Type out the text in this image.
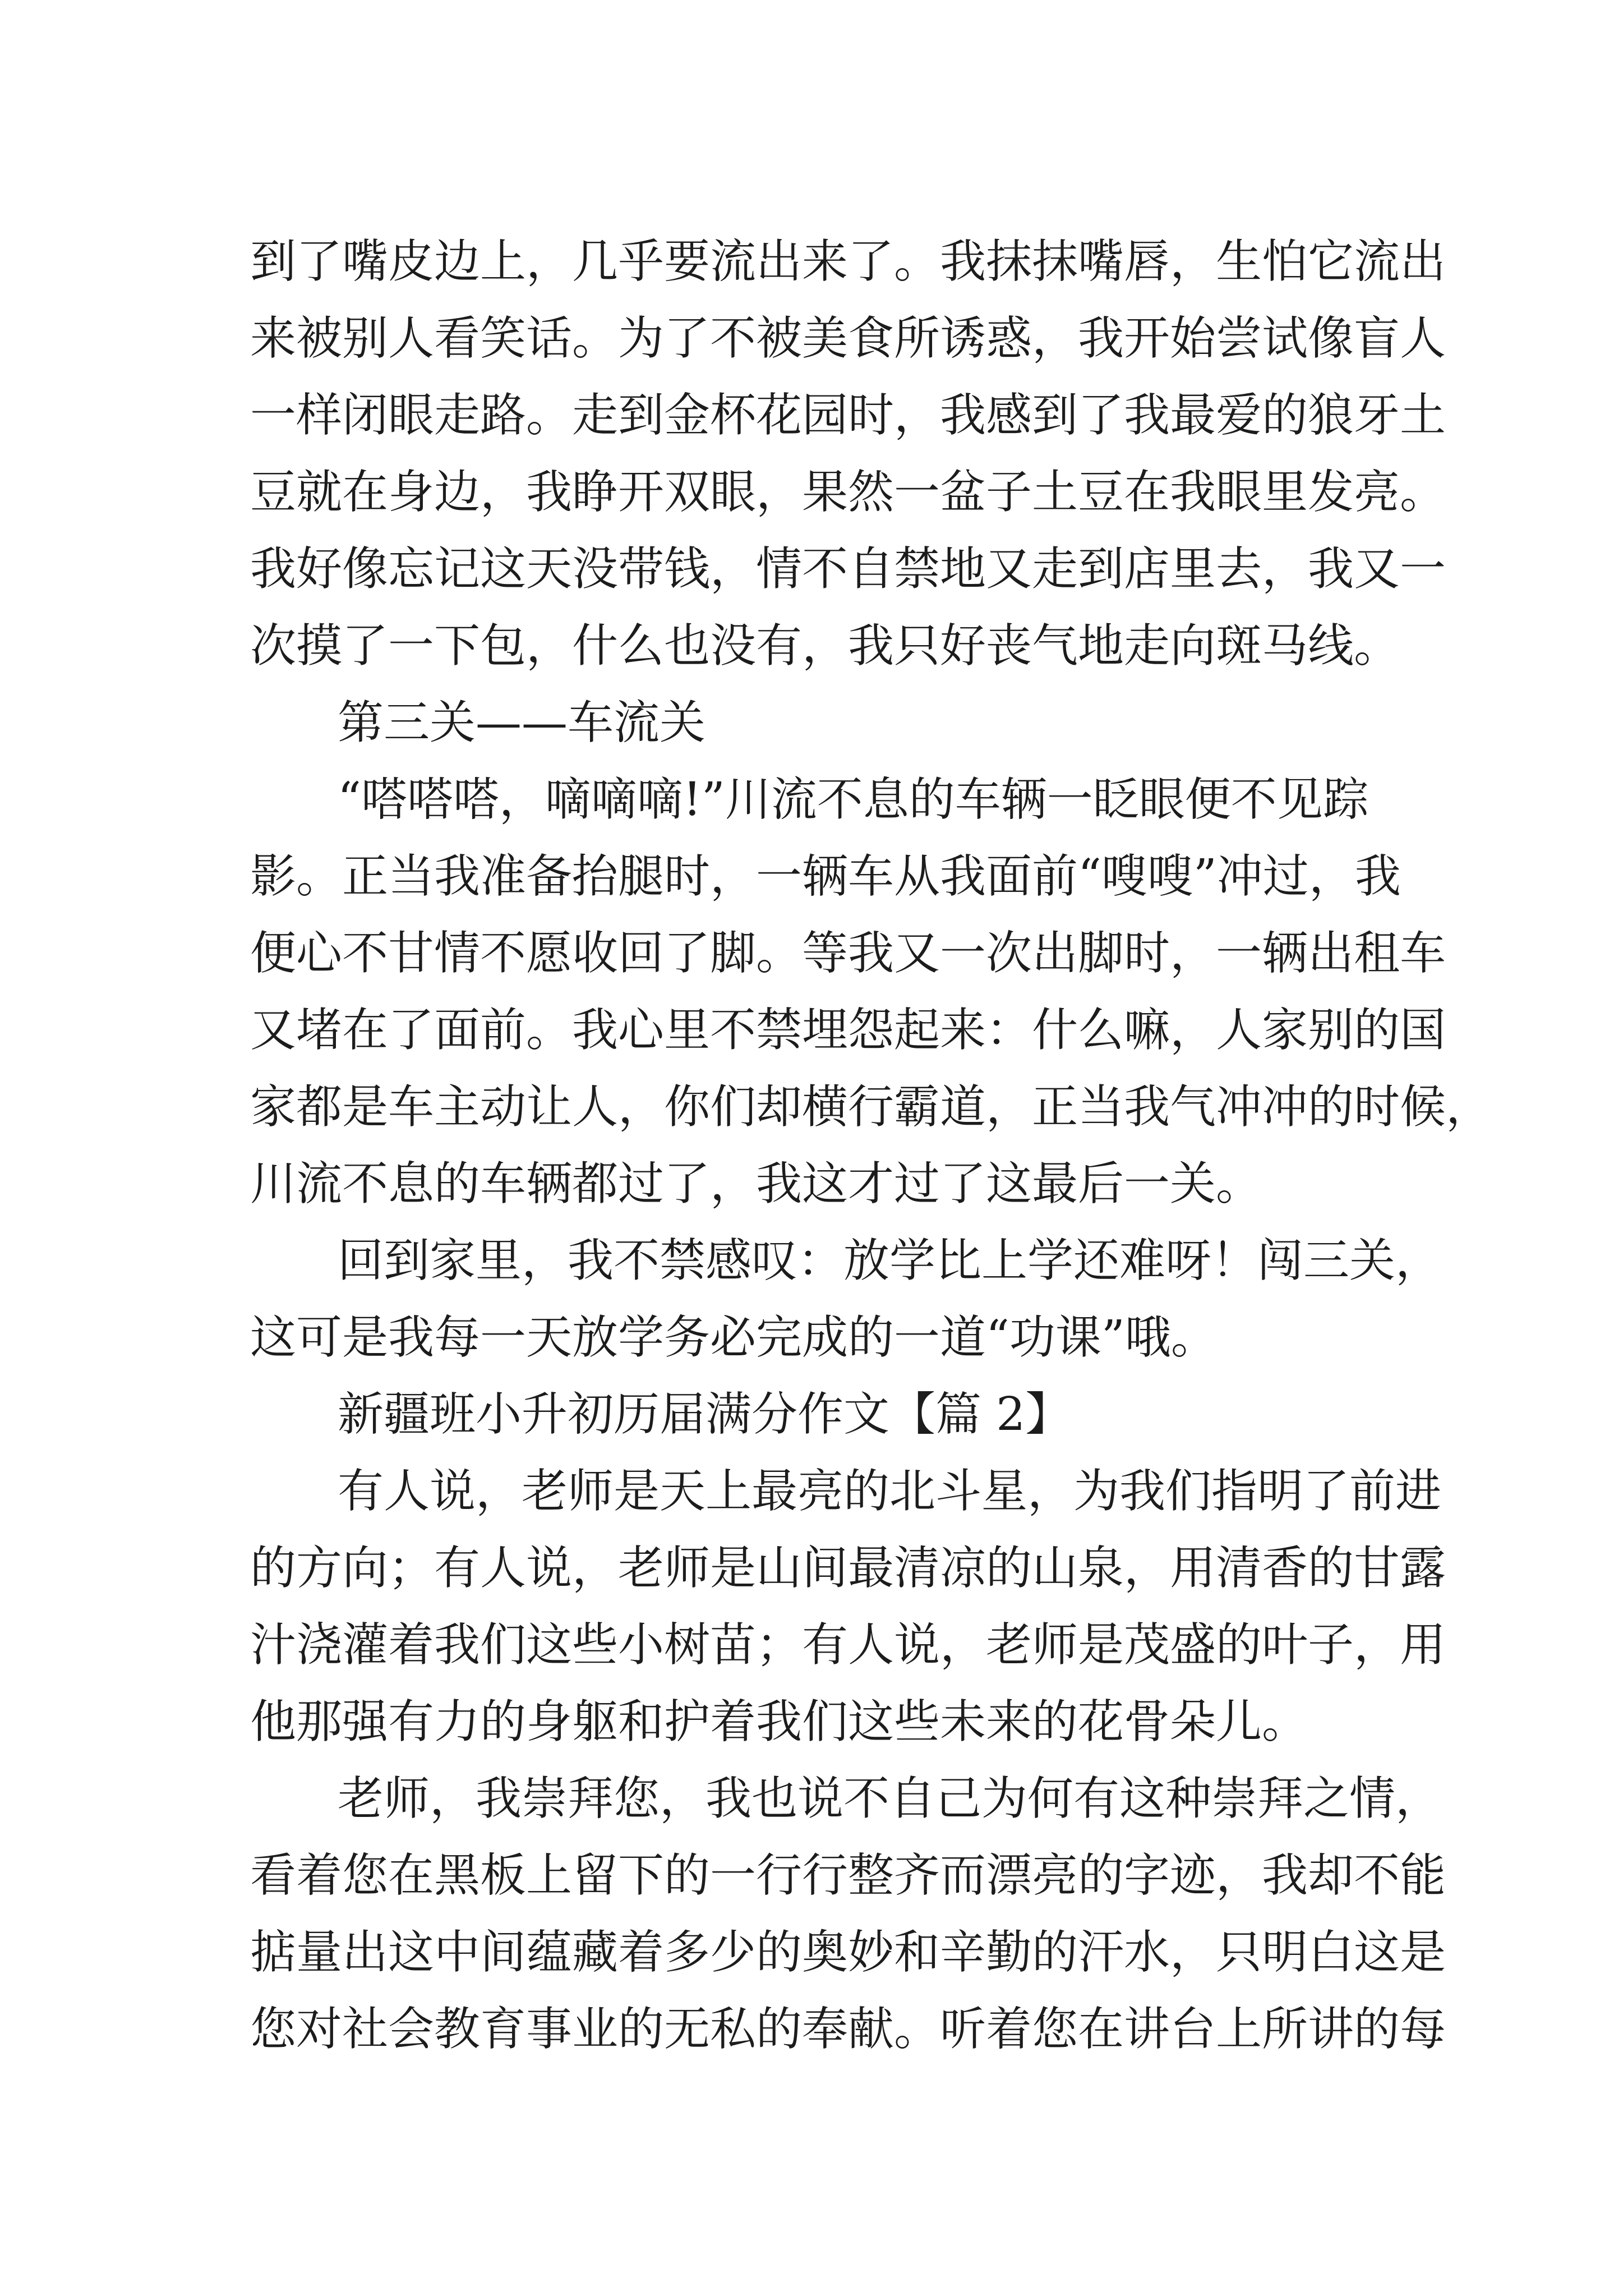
到了嘴皮边上，几乎要流出来了。我抹抹嘴唇，生怕它流出
来被别人看笑话。为了不被美食所诱惑，我开始尝试像盲人
一样闭眼走路。走到金杯花园时，我感到了我最爱的狼牙土
豆就在身边，我睁开双眼，果然一盆子土豆在我眼里发亮。
我好像忘记这天没带钱，情不自禁地又走到店里去，我又一
次摸了一下包，什么也没有，我只好丧气地走向斑马线。
第三关——车流关
“嗒嗒嗒，嘀嘀嘀!”川流不息的车辆一眨眼便不见踪
影。正当我准备抬腿时，一辆车从我面前“嗖嗖”冲过，我
便心不甘情不愿收回了脚。等我又一次出脚时，一辆出租车
又堵在了面前。我心里不禁埋怨起来：什么嘛，人家别的国
家都是车主动让人，你们却横行霸道，正当我气冲冲的时候，
川流不息的车辆都过了，我这才过了这最后一关。
回到家里，我不禁感叹：放学比上学还难呀！闯三关，
这可是我每一天放学务必完成的一道“功课”哦。
新疆班小升初历届满分作文【篇 2】
有人说，老师是天上最亮的北斗星，为我们指明了前进
的方向；有人说，老师是山间最清凉的山泉，用清香的甘露
汁浇灌着我们这些小树苗；有人说，老师是茂盛的叶子，用
他那强有力的身躯和护着我们这些未来的花骨朵儿。
老师，我崇拜您，我也说不自己为何有这种崇拜之情，
看着您在黑板上留下的一行行整齐而漂亮的字迹，我却不能
掂量出这中间蕴藏着多少的奥妙和辛勤的汗水，只明白这是
您对社会教育事业的无私的奉献。听着您在讲台上所讲的每
